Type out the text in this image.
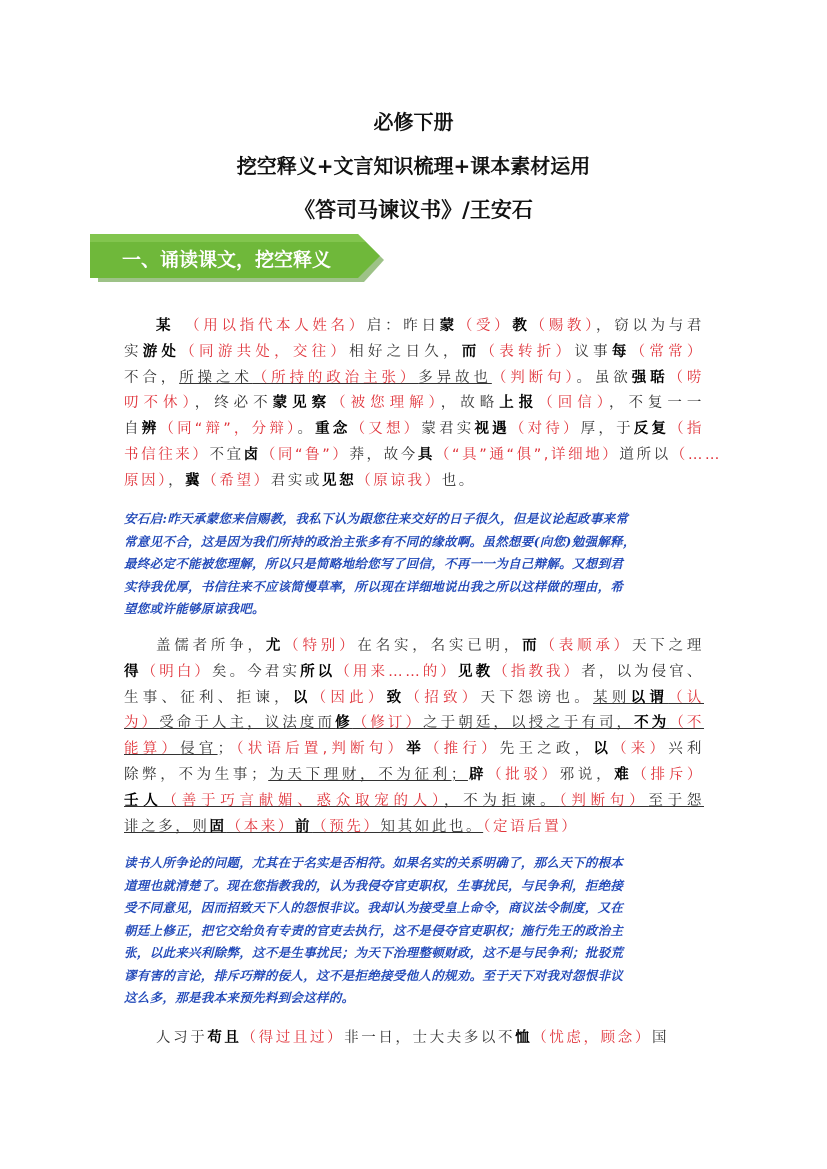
必修下册
挖空释义+文言知识梳理+课本素材运用
《答司马谏议书》/王安石
一、诵读课文，挖空释义
某　 （用以指代本人姓名）启：昨日蒙（受）教（赐教），窃以为与君
实游处（同游共处，交往）相好之日久，而（表转折）议事每（常常）
不合，所操之术（所持的政治主张）多异故也（判断句）。虽欲强聒（唠
叨不休），终必不蒙见察（被您理解），故略上报（回信），不复一一
自辨（同“辩”，分辩）。重念（又想）蒙君实视遇（对待）厚，于反复（指
书信往来）不宜卤（同“鲁”）莽，故今具（“具”通“俱”,详细地）道所以（……
原因），冀（希望）君实或见恕（原谅我）也。
安石启:昨天承蒙您来信赐教，我私下认为跟您往来交好的日子很久，但是议论起政事来常
常意见不合，这是因为我们所持的政治主张多有不同的缘故啊。虽然想要(向您)勉强解释，
最终必定不能被您理解，所以只是简略地给您写了回信，不再一一为自己辩解。又想到君
实待我优厚，书信往来不应该简慢草率，所以现在详细地说出我之所以这样做的理由，希
望您或许能够原谅我吧。
盖儒者所争，尤（特别）在名实，名实已明，而（表顺承）天下之理
得（明白）矣。今君实所以（用来……的）见教（指教我）者，以为侵官、
生事、征利、拒谏，以（因此）致（招致）天下怨谤也。某则以谓（认
为）受命于人主，议法度而修（修订）之于朝廷，以授之于有司，不为（不
能算）侵官；（状语后置,判断句）举（推行）先王之政，以（来）兴利
除弊，不为生事；为天下理财，不为征利；辟（批驳）邪说，难（排斥）
壬人（善于巧言献媚、惑众取宠的人），不为拒谏。（判断句）至于怨
诽之多，则固（本来）前（预先）知其如此也。（定语后置）
读书人所争论的问题，尤其在于名实是否相符。如果名实的关系明确了，那么天下的根本
道理也就清楚了。现在您指教我的，认为我侵夺官吏职权，生事扰民，与民争利，拒绝接
受不同意见，因而招致天下人的怨恨非议。我却认为接受皇上命令，商议法令制度，又在
朝廷上修正，把它交给负有专责的官吏去执行，这不是侵夺官吏职权；施行先王的政治主
张，以此来兴利除弊，这不是生事扰民；为天下治理整顿财政，这不是与民争利；批驳荒
谬有害的言论，排斥巧辩的佞人，这不是拒绝接受他人的规劝。至于天下对我对怨恨非议
这么多，那是我本来预先料到会这样的。
人习于苟且（得过且过）非一日，士大夫多以不恤（忧虑，顾念）国
